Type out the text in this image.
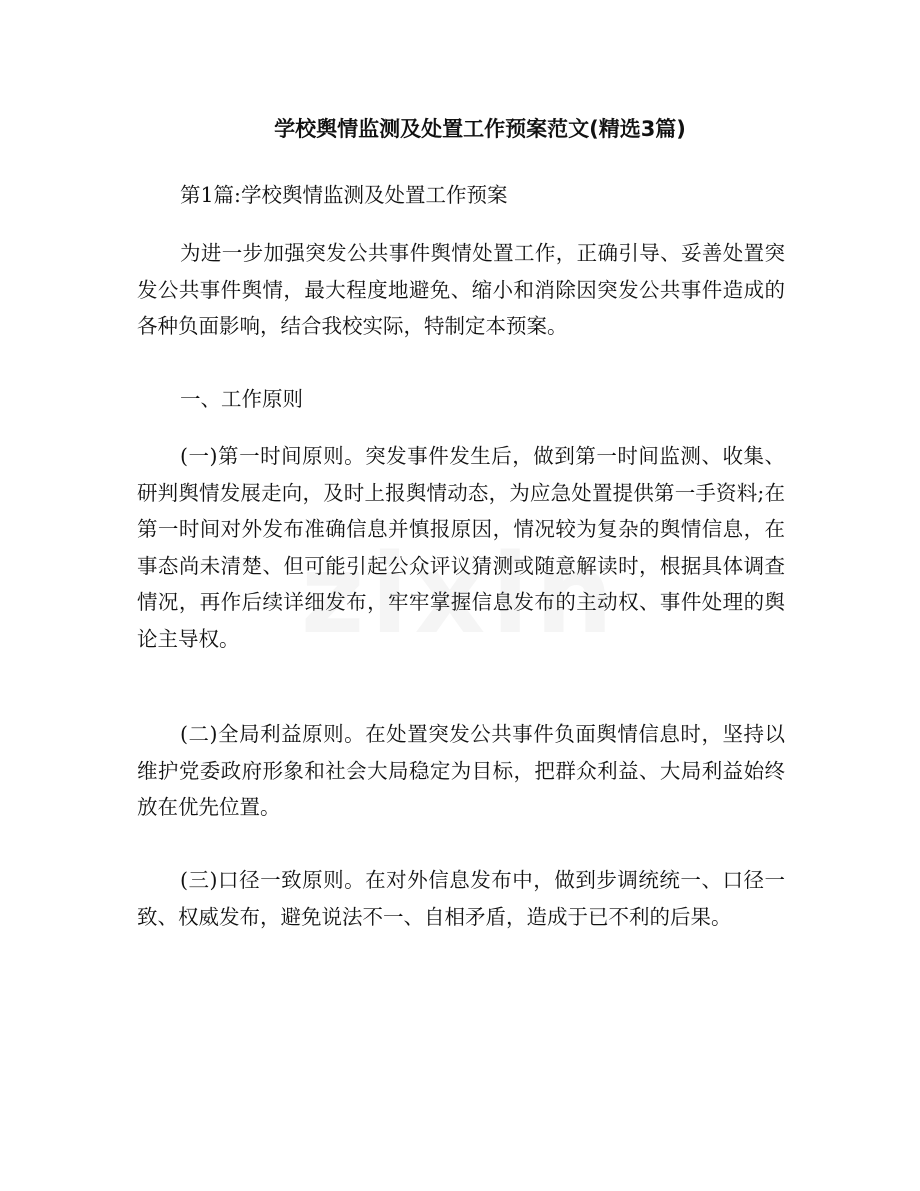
学校舆情监测及处置工作预案范文(精选3篇)

第1篇:学校舆情监测及处置工作预案

为进一步加强突发公共事件舆情处置工作，正确引导、妥善处置突发公共事件舆情，最大程度地避免、缩小和消除因突发公共事件造成的各种负面影响，结合我校实际，特制定本预案。

一、工作原则

(一)第一时间原则。突发事件发生后，做到第一时间监测、收集、研判舆情发展走向，及时上报舆情动态，为应急处置提供第一手资料;在第一时间对外发布准确信息并慎报原因，情况较为复杂的舆情信息，在事态尚未清楚、但可能引起公众评议猜测或随意解读时，根据具体调查情况，再作后续详细发布，牢牢掌握信息发布的主动权、事件处理的舆论主导权。

(二)全局利益原则。在处置突发公共事件负面舆情信息时，坚持以维护党委政府形象和社会大局稳定为目标，把群众利益、大局利益始终放在优先位置。

(三)口径一致原则。在对外信息发布中，做到步调统统一、口径一致、权威发布，避免说法不一、自相矛盾，造成于已不利的后果。
